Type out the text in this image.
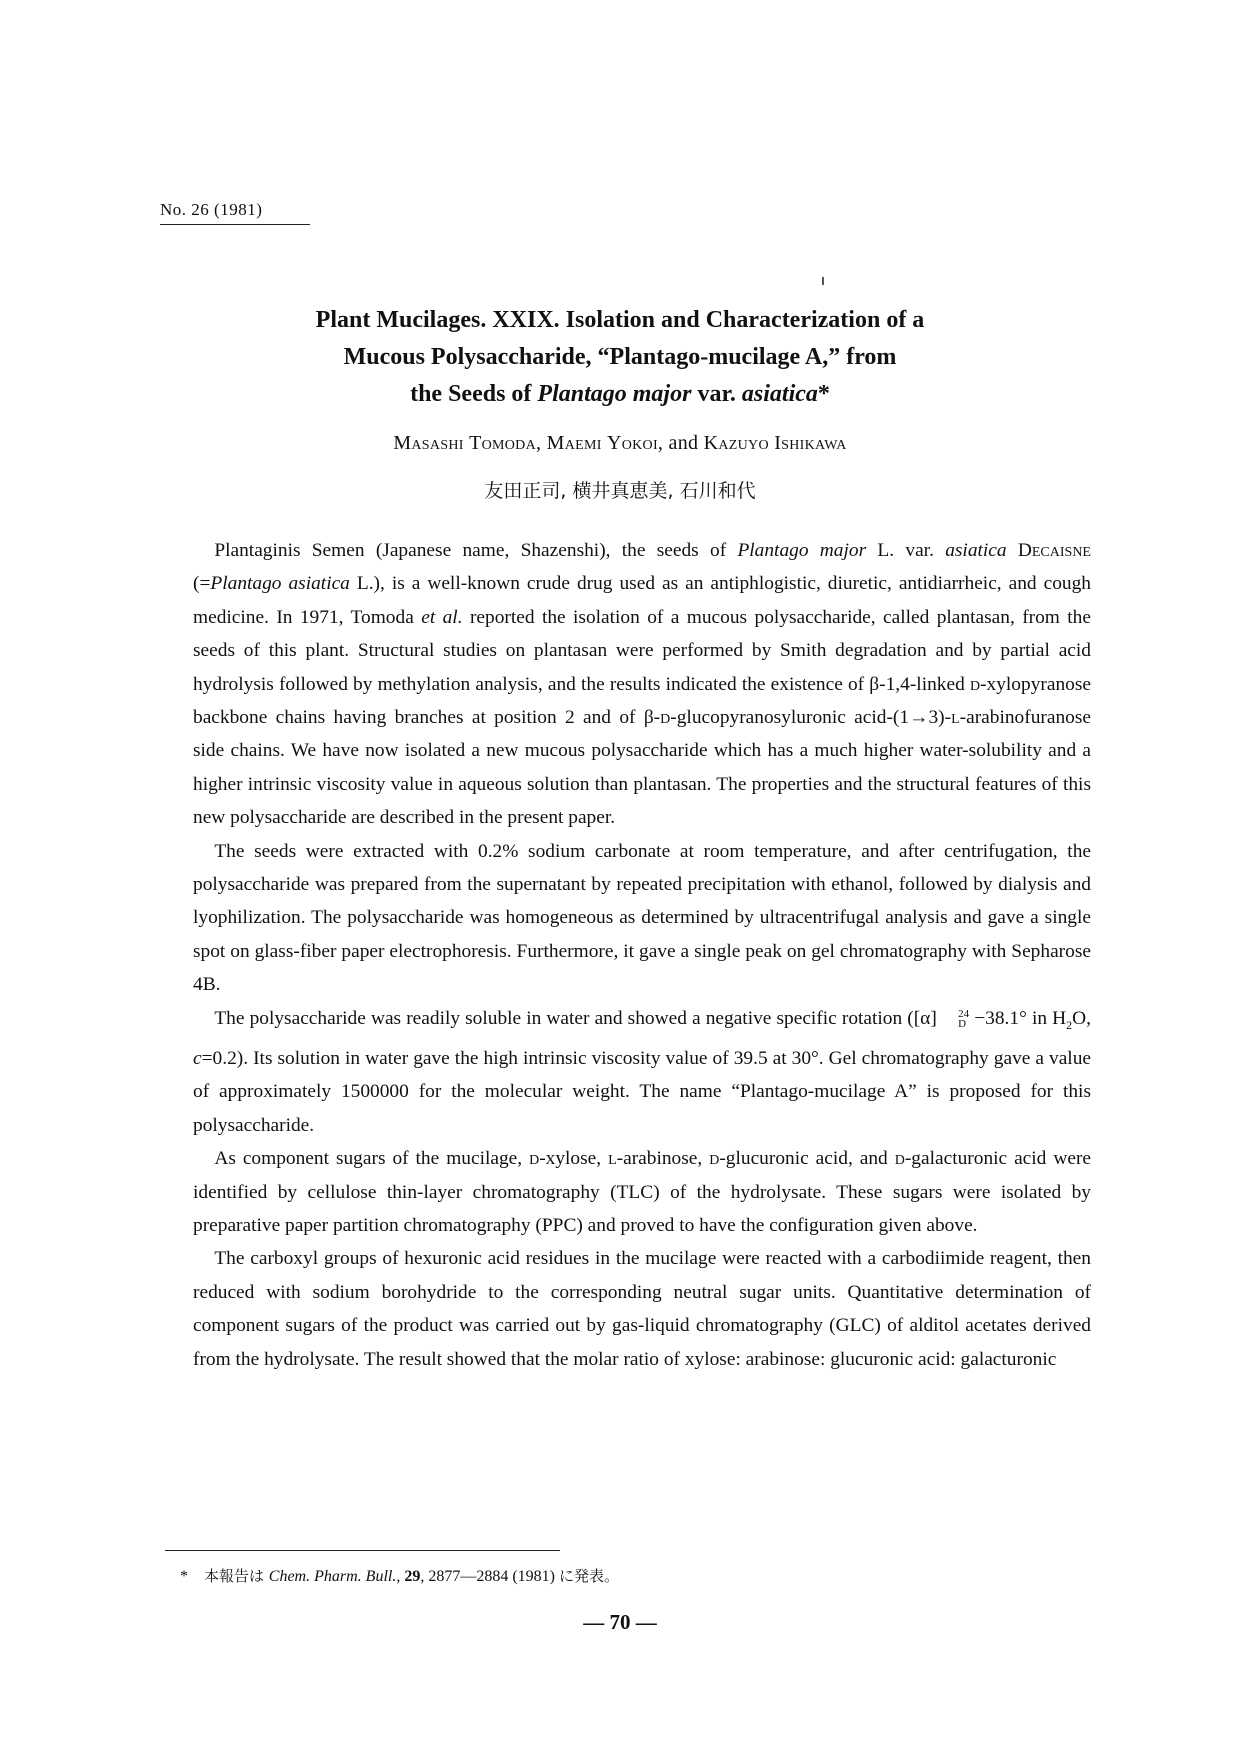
No. 26 (1981)
Plant Mucilages. XXIX. Isolation and Characterization of a
Mucous Polysaccharide, “Plantago-mucilage A,” from
the Seeds of Plantago major var. asiatica*
Masashi Tomoda, Maemi Yokoi, and Kazuyo Ishikawa
友田正司, 横井真恵美, 石川和代

Plantaginis Semen (Japanese name, Shazenshi), the seeds of Plantago major L. var. asiatica Decaisne (=Plantago asiatica L.), is a well-known crude drug used as an antiphlogistic, diuretic, antidiarrheic, and cough medicine. In 1971, Tomoda et al. reported the isolation of a mucous polysaccharide, called plantasan, from the seeds of this plant. Structural studies on plantasan were performed by Smith degradation and by partial acid hydrolysis followed by methylation analysis, and the results indicated the existence of β-1,4-linked d-xylopyranose backbone chains having branches at position 2 and of β-d-glucopyranosyluronic acid-(1→3)-l-arabinofuranose side chains. We have now isolated a new mucous polysaccharide which has a much higher water-solubility and a higher intrinsic viscosity value in aqueous solution than plantasan. The properties and the structural features of this new polysaccharide are described in the present paper.

The seeds were extracted with 0.2% sodium carbonate at room temperature, and after centrifugation, the polysaccharide was prepared from the supernatant by repeated precipitation with ethanol, followed by dialysis and lyophilization. The polysaccharide was homogeneous as determined by ultracentrifugal analysis and gave a single spot on glass-fiber paper electrophoresis. Furthermore, it gave a single peak on gel chromatography with Sepharose 4B.

The polysaccharide was readily soluble in water and showed a negative specific rotation ([α]	24
D −38.1° in $H_2O$, c=0.2). Its solution in water gave the high intrinsic viscosity value of 39.5 at 30°. Gel chromatography gave a value of approximately 1500000 for the molecular weight. The name “Plantago-mucilage A” is proposed for this polysaccharide.

As component sugars of the mucilage, d-xylose, l-arabinose, d-glucuronic acid, and d-galacturonic acid were identified by cellulose thin-layer chromatography (TLC) of the hydrolysate. These sugars were isolated by preparative paper partition chromatography (PPC) and proved to have the configuration given above.

The carboxyl groups of hexuronic acid residues in the mucilage were reacted with a carbodiimide reagent, then reduced with sodium borohydride to the corresponding neutral sugar units. Quantitative determination of component sugars of the product was carried out by gas-liquid chromatography (GLC) of alditol acetates derived from the hydrolysate. The result showed that the molar ratio of xylose: arabinose: glucuronic acid: galacturonic

* 本報告は Chem. Pharm. Bull., 29, 2877—2884 (1981) に発表。
— 70 —
